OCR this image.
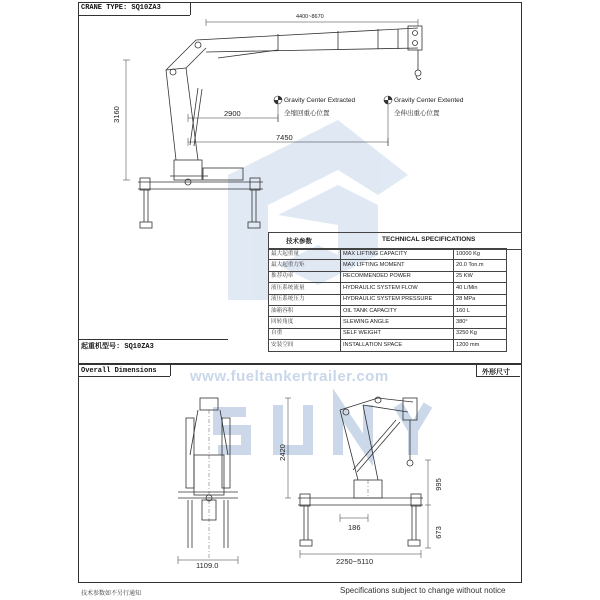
CRANE TYPE: SQ10ZA3
起重机型号: SQ10ZA3
www.fueltankertrailer.com
4400~8670
3160	2900
7450
Gravity Center Extracted
全缩回重心位置
Gravity Center Extented
全伸出重心位置
技术参数	TECHNICAL SPECIFICATIONS
最大起重量	MAX LIFTING CAPACITY	10000 Kg
最大起重力矩	MAX LIFTING MOMENT	20.0 Ton.m
推荐功率	RECOMMENDED POWER	25 KW
液压系统流量	HYDRAULIC SYSTEM FLOW	40 L/Min
液压系统压力	HYDRAULIC SYSTEM PRESSURE	28 MPa
油箱容积	OIL TANK CAPACITY	160 L
回转角度	SLEWING ANGLE	380°
自重	SELF WEIGHT	3250 Kg
安装空间	INSTALLATION SPACE	1200 mm
Overall Dimensions	外形尺寸
1109.0
2420
995
673
186
2250~5110
技术参数如不另行通知	Specifications subject to change without notice
